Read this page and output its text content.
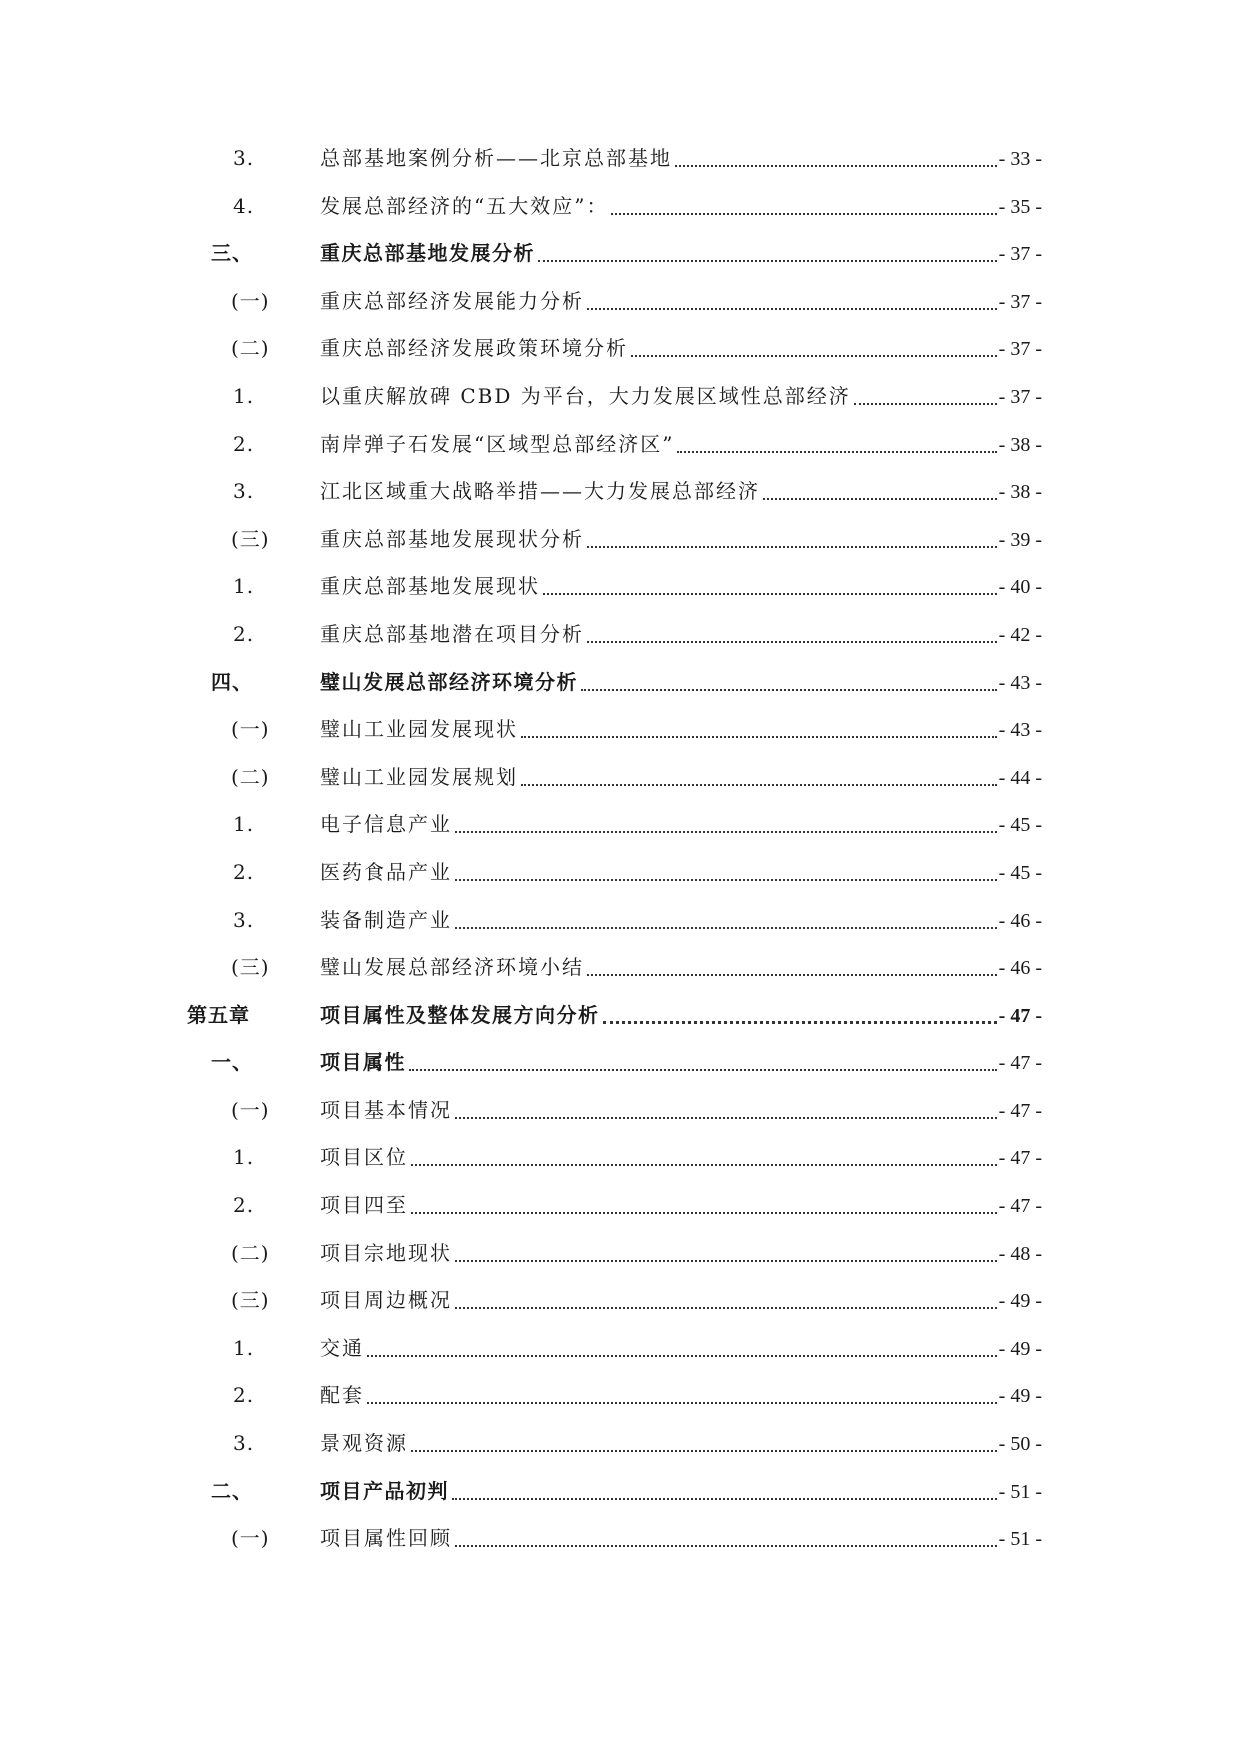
3.	总部基地案例分析——北京总部基地	- 33 -
4.	发展总部经济的“五大效应”：	- 35 -
三、	重庆总部基地发展分析	- 37 -
(一)	重庆总部经济发展能力分析	- 37 -
(二)	重庆总部经济发展政策环境分析	- 37 -
1.	以重庆解放碑 CBD 为平台，大力发展区域性总部经济	- 37 -
2.	南岸弹子石发展“区域型总部经济区”	- 38 -
3.	江北区域重大战略举措——大力发展总部经济	- 38 -
(三)	重庆总部基地发展现状分析	- 39 -
1.	重庆总部基地发展现状	- 40 -
2.	重庆总部基地潜在项目分析	- 42 -
四、	璧山发展总部经济环境分析	- 43 -
(一)	璧山工业园发展现状	- 43 -
(二)	璧山工业园发展规划	- 44 -
1.	电子信息产业	- 45 -
2.	医药食品产业	- 45 -
3.	装备制造产业	- 46 -
(三)	璧山发展总部经济环境小结	- 46 -
第五章	项目属性及整体发展方向分析	- 47 -
一、	项目属性	- 47 -
(一)	项目基本情况	- 47 -
1.	项目区位	- 47 -
2.	项目四至	- 47 -
(二)	项目宗地现状	- 48 -
(三)	项目周边概况	- 49 -
1.	交通	- 49 -
2.	配套	- 49 -
3.	景观资源	- 50 -
二、	项目产品初判	- 51 -
(一)	项目属性回顾	- 51 -
